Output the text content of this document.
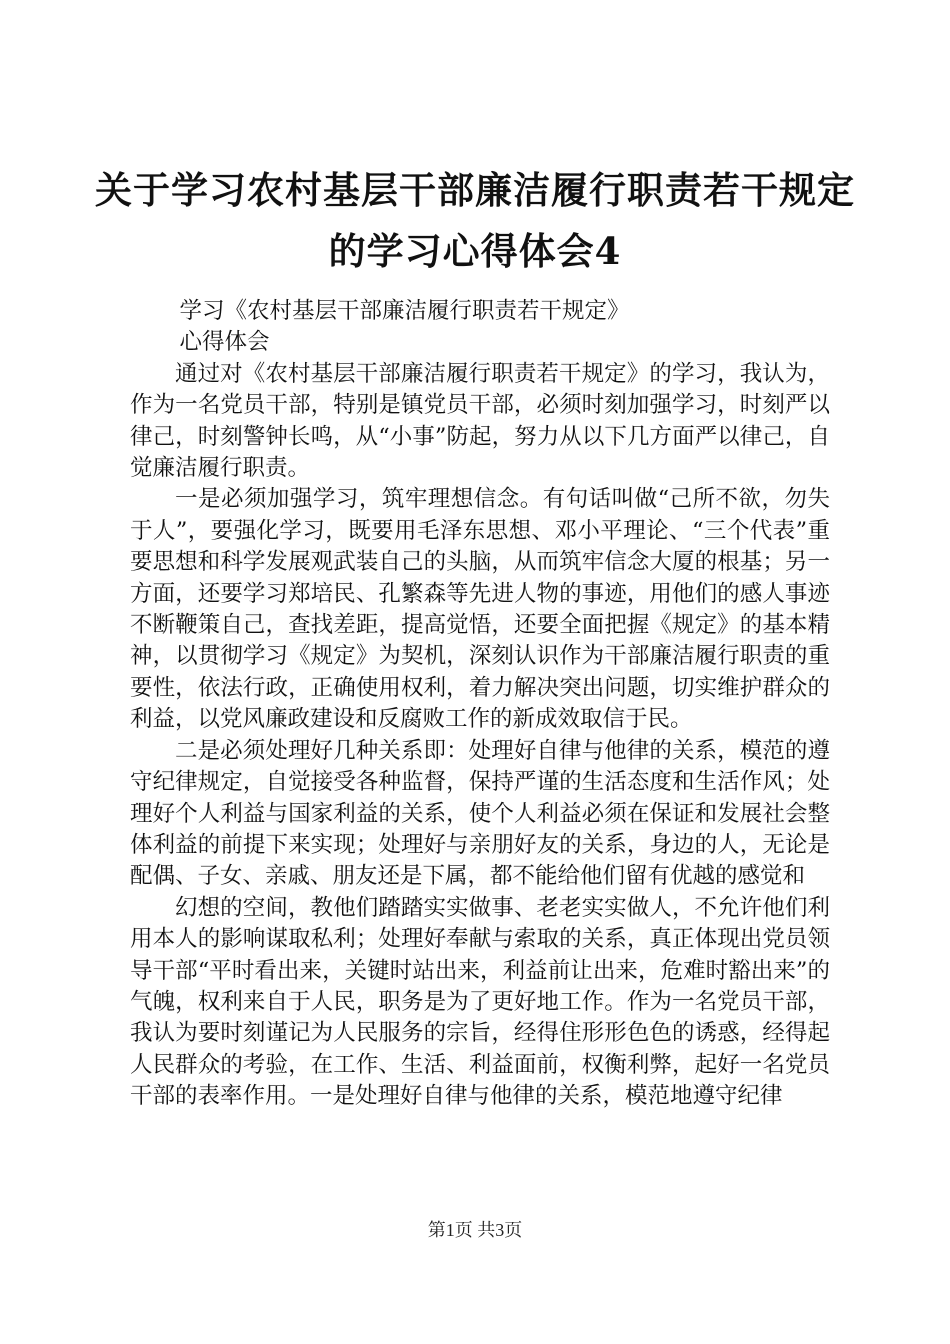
关于学习农村基层干部廉洁履行职责若干规定
的学习心得体会4

学习《农村基层干部廉洁履行职责若干规定》

心得体会

通过对《农村基层干部廉洁履行职责若干规定》的学习，我认为，作为一名党员干部，特别是镇党员干部，必须时刻加强学习，时刻严以律己，时刻警钟长鸣，从“小事”防起，努力从以下几方面严以律己，自觉廉洁履行职责。

一是必须加强学习，筑牢理想信念。有句话叫做“己所不欲，勿失于人”，要强化学习，既要用毛泽东思想、邓小平理论、“三个代表”重要思想和科学发展观武装自己的头脑，从而筑牢信念大厦的根基；另一方面，还要学习郑培民、孔繁森等先进人物的事迹，用他们的感人事迹不断鞭策自己，查找差距，提高觉悟，还要全面把握《规定》的基本精神，以贯彻学习《规定》为契机，深刻认识作为干部廉洁履行职责的重要性，依法行政，正确使用权利，着力解决突出问题，切实维护群众的利益，以党风廉政建设和反腐败工作的新成效取信于民。

二是必须处理好几种关系即：处理好自律与他律的关系，模范的遵守纪律规定，自觉接受各种监督，保持严谨的生活态度和生活作风；处理好个人利益与国家利益的关系，使个人利益必须在保证和发展社会整体利益的前提下来实现；处理好与亲朋好友的关系，身边的人，无论是配偶、子女、亲戚、朋友还是下属，都不能给他们留有优越的感觉和

幻想的空间，教他们踏踏实实做事、老老实实做人，不允许他们利用本人的影响谋取私利；处理好奉献与索取的关系，真正体现出党员领导干部“平时看出来，关键时站出来，利益前让出来，危难时豁出来”的气魄，权利来自于人民，职务是为了更好地工作。作为一名党员干部，我认为要时刻谨记为人民服务的宗旨，经得住形形色色的诱惑，经得起人民群众的考验，在工作、生活、利益面前，权衡利弊，起好一名党员干部的表率作用。一是处理好自律与他律的关系，模范地遵守纪律

第1页 共3页
